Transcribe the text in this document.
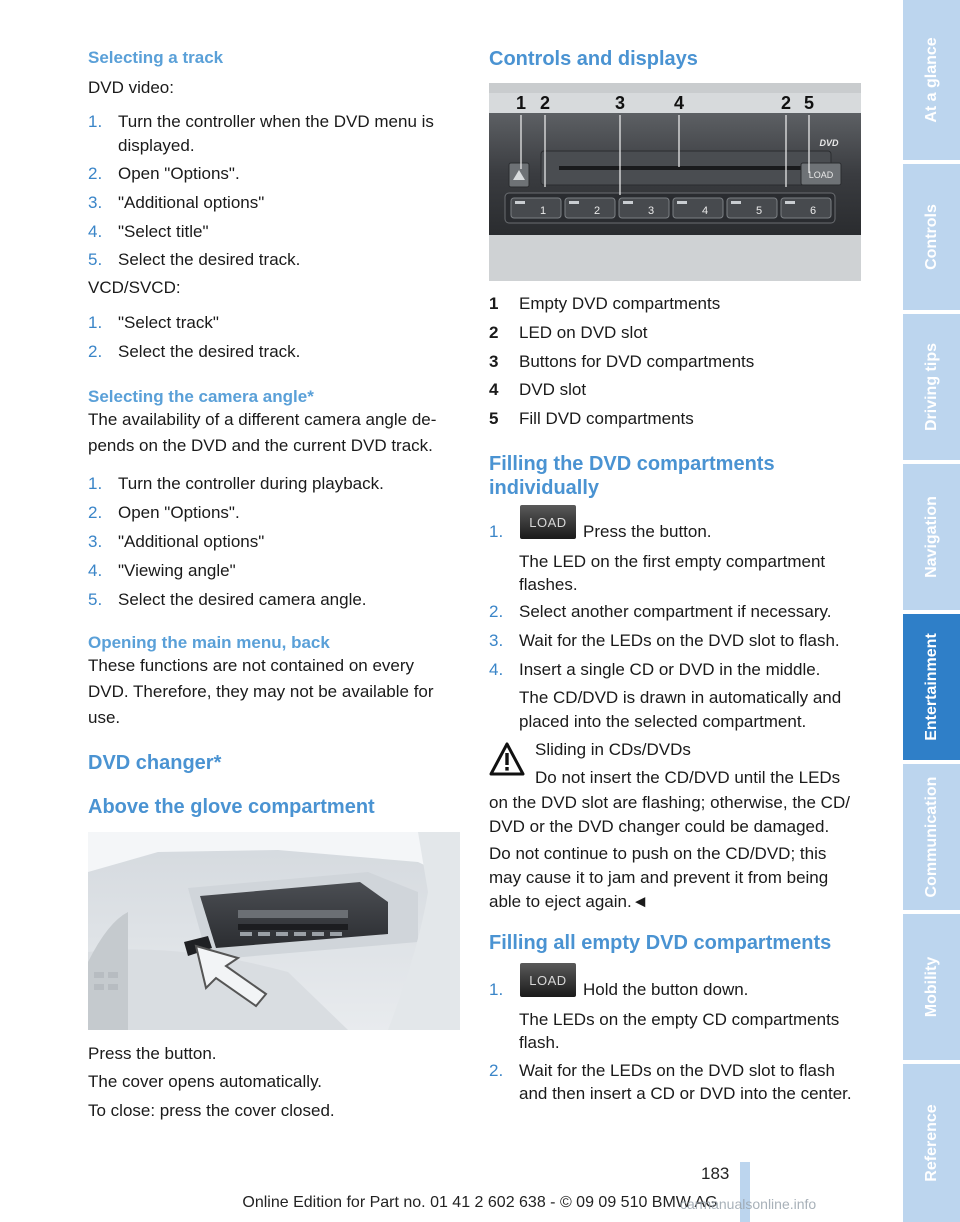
Selecting a track
DVD video:
1. Turn the controller when the DVD menu is
displayed.
2. Open "Options".
3. "Additional options"
4. "Select title"
5. Select the desired track.
VCD/SVCD:
1. "Select track"
2. Select the desired track.
Selecting the camera angle*
The availability of a different camera angle de-
pends on the DVD and the current DVD track.
1. Turn the controller during playback.
2. Open "Options".
3. "Additional options"
4. "Viewing angle"
5. Select the desired camera angle.
Opening the main menu, back
These functions are not contained on every
DVD. Therefore, they may not be available for
use.
DVD changer*
Above the glove compartment
Press the button.
The cover opens automatically.
To close: press the cover closed.
Controls and displays
LOAD
DVD
1	2	3	4	5	6
1 2	3	4	2 5
1 Empty DVD compartments
2 LED on DVD slot
3 Buttons for DVD compartments
4 DVD slot
5 Fill DVD compartments
Filling the DVD compartments
individually
1.	Press the button.
The LED on the first empty compartment
flashes.
2. Select another compartment if necessary.
3. Wait for the LEDs on the DVD slot to flash.
4. Insert a single CD or DVD in the middle.
The CD/DVD is drawn in automatically and
placed into the selected compartment.
LOAD
Sliding in CDs/DVDs
Do not insert the CD/DVD until the LEDs
on the DVD slot are flashing; otherwise, the CD/
DVD or the DVD changer could be damaged.
Do not continue to push on the CD/DVD; this
may cause it to jam and prevent it from being
able to eject again.◄
Filling all empty DVD compartments
1.	Hold the button down.
The LEDs on the empty CD compartments
flash.
2. Wait for the LEDs on the DVD slot to flash
and then insert a CD or DVD into the center.
LOAD
At a glance
Controls
Driving tips
Navigation
Entertainment
Communication
Mobility
Reference
183
Online Edition for Part no. 01 41 2 602 638 - © 09 09 510 BMW AG
carmanualsonline.info
